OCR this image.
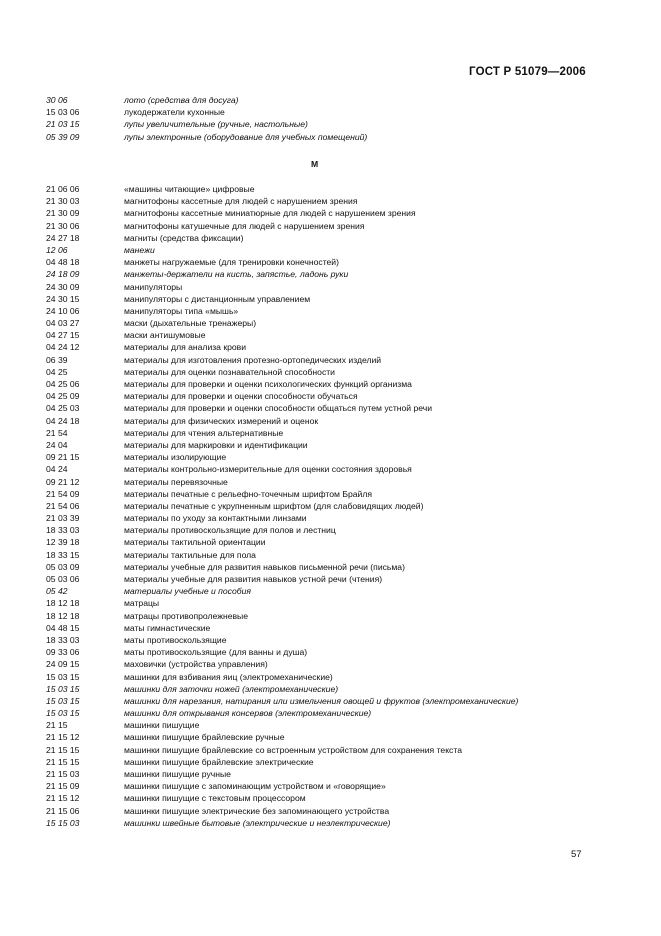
ГОСТ Р 51079—2006
30 06	лото (средства для досуга)
15 03 06	лукодержатели кухонные
21 03 15	лупы увеличительные (ручные, настольные)
05 39 09	лупы электронные (оборудование для учебных помещений)
М
21 06 06	«машины читающие» цифровые
21 30 03	магнитофоны кассетные для людей с нарушением зрения
21 30 09	магнитофоны кассетные миниатюрные для людей с нарушением зрения
21 30 06	магнитофоны катушечные для людей с нарушением зрения
24 27 18	магниты (средства фиксации)
12 06	манежи
04 48 18	манжеты нагружаемые (для тренировки конечностей)
24 18 09	манжеты-держатели на кисть, запястье, ладонь руки
24 30 09	манипуляторы
24 30 15	манипуляторы с дистанционным управлением
24 10 06	манипуляторы типа «мышь»
04 03 27	маски (дыхательные тренажеры)
04 27 15	маски антишумовые
04 24 12	материалы для анализа крови
06 39	материалы для изготовления протезно-ортопедических изделий
04 25	материалы для оценки познавательной способности
04 25 06	материалы для проверки и оценки психологических функций организма
04 25 09	материалы для проверки и оценки способности обучаться
04 25 03	материалы для проверки и оценки способности общаться путем устной речи
04 24 18	материалы для физических измерений и оценок
21 54	материалы для чтения альтернативные
24 04	материалы для маркировки и идентификации
09 21 15	материалы изолирующие
04 24	материалы контрольно-измерительные для оценки состояния здоровья
09 21 12	материалы перевязочные
21 54 09	материалы печатные с рельефно-точечным шрифтом Брайля
21 54 06	материалы печатные с укрупненным шрифтом (для слабовидящих людей)
21 03 39	материалы по уходу за контактными линзами
18 33 03	материалы противоскользящие для полов и лестниц
12 39 18	материалы тактильной ориентации
18 33 15	материалы тактильные для пола
05 03 09	материалы учебные для развития навыков письменной речи (письма)
05 03 06	материалы учебные для развития навыков устной речи (чтения)
05 42	материалы учебные и пособия
18 12 18	матрацы
18 12 18	матрацы противопролежневые
04 48 15	маты гимнастические
18 33 03	маты противоскользящие
09 33 06	маты противоскользящие (для ванны и душа)
24 09 15	маховички (устройства управления)
15 03 15	машинки для взбивания яиц (электромеханические)
15 03 15	машинки для заточки ножей (электромеханические)
15 03 15	машинки для нарезания, натирания или измельчения овощей и фруктов (электромеханические)
15 03 15	машинки для открывания консервов (электромеханические)
21 15	машинки пишущие
21 15 12	машинки пишущие брайлевские ручные
21 15 15	машинки пишущие брайлевские со встроенным устройством для сохранения текста
21 15 15	машинки пишущие брайлевские электрические
21 15 03	машинки пишущие ручные
21 15 09	машинки пишущие с запоминающим устройством и «говорящие»
21 15 12	машинки пишущие с текстовым процессором
21 15 06	машинки пишущие электрические без запоминающего устройства
15 15 03	машинки швейные бытовые (электрические и неэлектрические)
57
